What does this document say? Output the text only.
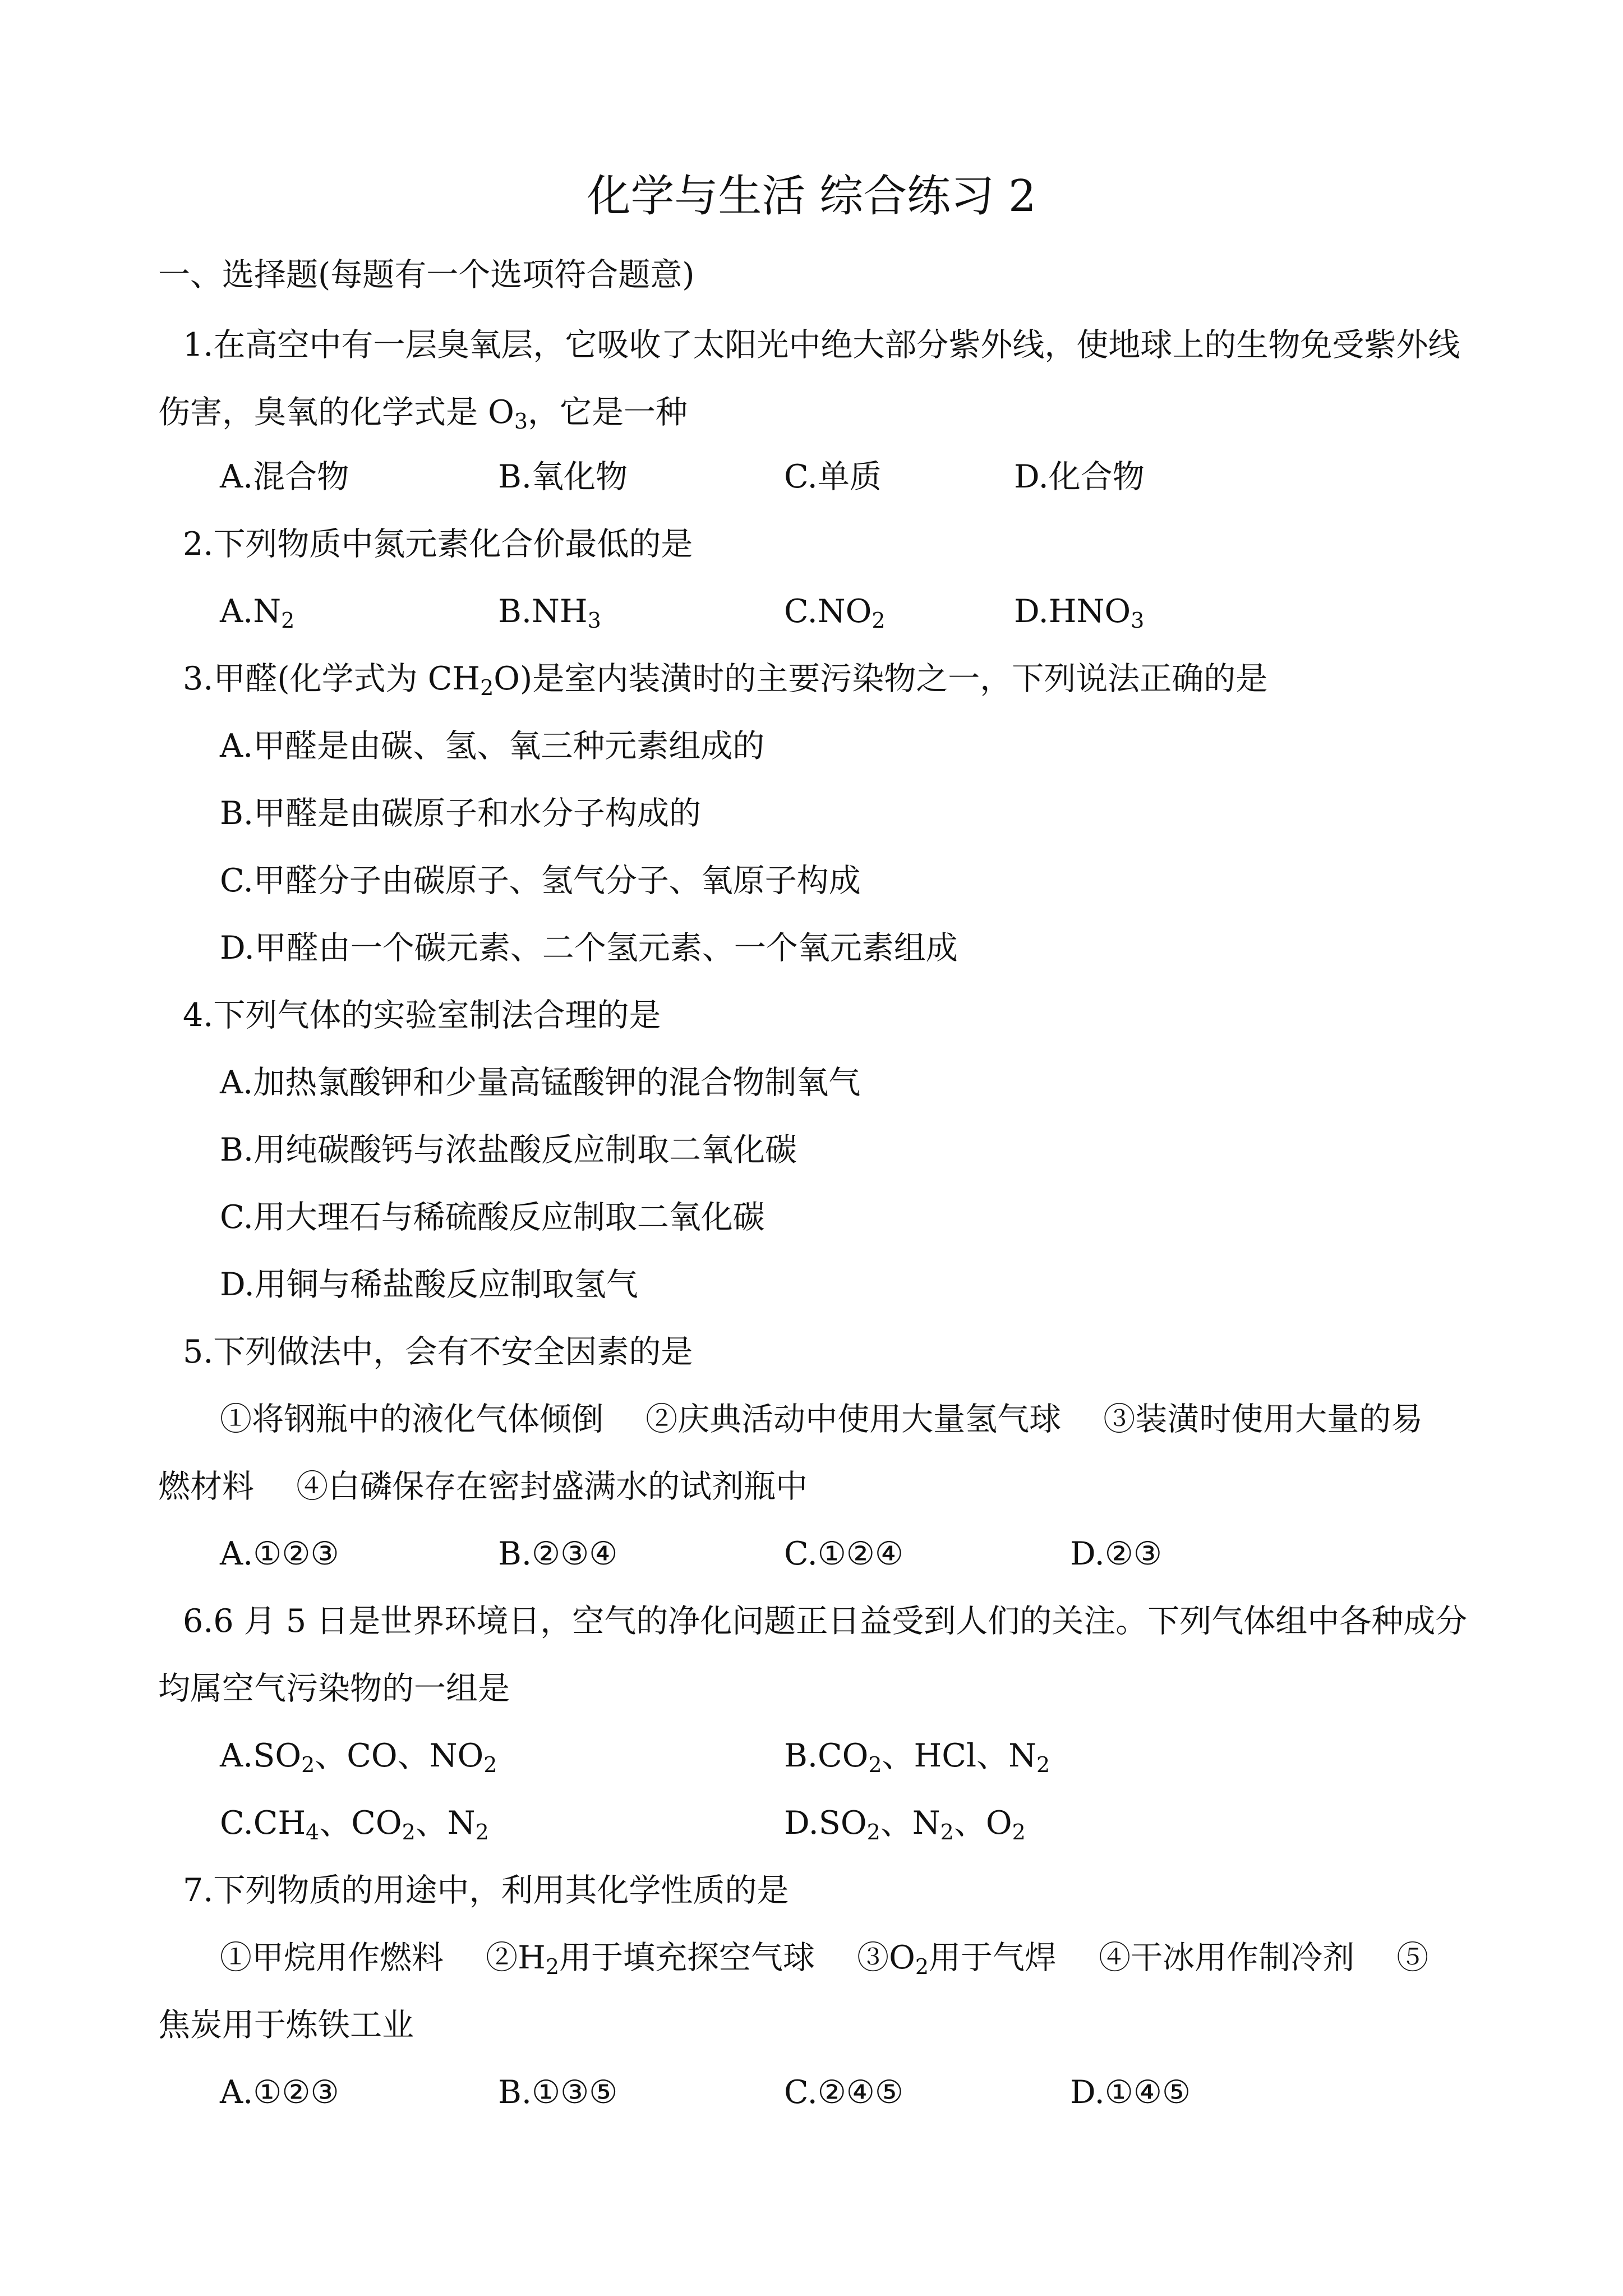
化学与生活 综合练习 2
一、选择题(每题有一个选项符合题意)
1.在高空中有一层臭氧层，它吸收了太阳光中绝大部分紫外线，使地球上的生物免受紫外线
伤害，臭氧的化学式是 $O_3$，它是一种
A.混合物	B.氧化物	C.单质	D.化合物
2.下列物质中氮元素化合价最低的是
$A.N_2$	$B.NH_3$	$C.NO_2$	$D.HNO_3$
3.甲醛(化学式为 $CH_2O$)是室内装潢时的主要污染物之一，下列说法正确的是
A.甲醛是由碳、氢、氧三种元素组成的
B.甲醛是由碳原子和水分子构成的
C.甲醛分子由碳原子、氢气分子、氧原子构成
D.甲醛由一个碳元素、二个氢元素、一个氧元素组成
4.下列气体的实验室制法合理的是
A.加热氯酸钾和少量高锰酸钾的混合物制氧气
B.用纯碳酸钙与浓盐酸反应制取二氧化碳
C.用大理石与稀硫酸反应制取二氧化碳
D.用铜与稀盐酸反应制取氢气
5.下列做法中，会有不安全因素的是
①将钢瓶中的液化气体倾倒　 ②庆典活动中使用大量氢气球　 ③装潢时使用大量的易
燃材料　 ④白磷保存在密封盛满水的试剂瓶中
A.①②③	B.②③④	C.①②④	D.②③
6.6 月 5 日是世界环境日，空气的净化问题正日益受到人们的关注。下列气体组中各种成分
均属空气污染物的一组是
$A.SO_2$、CO、$NO_2$	$B.CO_2$、HCl、$N_2$
$C.CH_4$、$CO_2$、$N_2$	$D.SO_2$、$N_2$、$O_2$
7.下列物质的用途中，利用其化学性质的是
①甲烷用作燃料　 $②H_2$用于填充探空气球　 $③O_2$用于气焊　 ④干冰用作制冷剂　 ⑤
焦炭用于炼铁工业
A.①②③	B.①③⑤	C.②④⑤	D.①④⑤
